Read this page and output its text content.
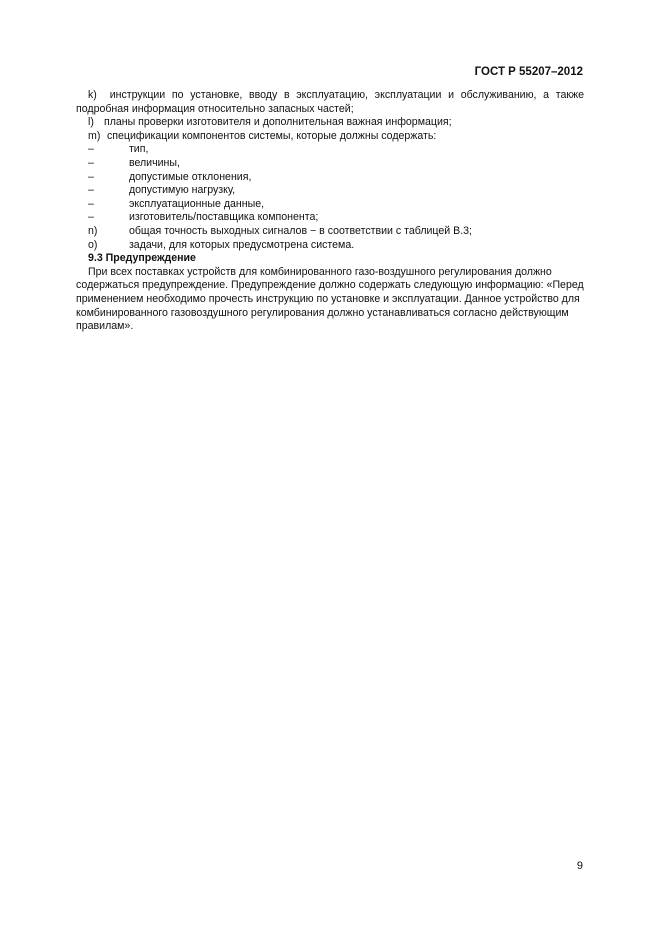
ГОСТ Р 55207–2012
k) инструкции по установке, вводу в эксплуатацию, эксплуатации и обслуживанию, а также
подробная информация относительно запасных частей;
l) планы проверки изготовителя и дополнительная важная информация;
m) спецификации компонентов системы, которые должны содержать:
–	тип,
–	величины,
–	допустимые отклонения,
–	допустимую нагрузку,
–	эксплуатационные данные,
–	изготовитель/поставщика компонента;
n)	общая точность выходных сигналов − в соответствии с таблицей В.3;
o)	задачи, для которых предусмотрена система.
9.3 Предупреждение
При всех поставках устройств для комбинированного газо-воздушного регулирования должно
содержаться предупреждение. Предупреждение должно содержать следующую информацию: «Перед
применением необходимо прочесть инструкцию по установке и эксплуатации. Данное устройство для
комбинированного газовоздушного регулирования должно устанавливаться согласно действующим
правилам».
9
